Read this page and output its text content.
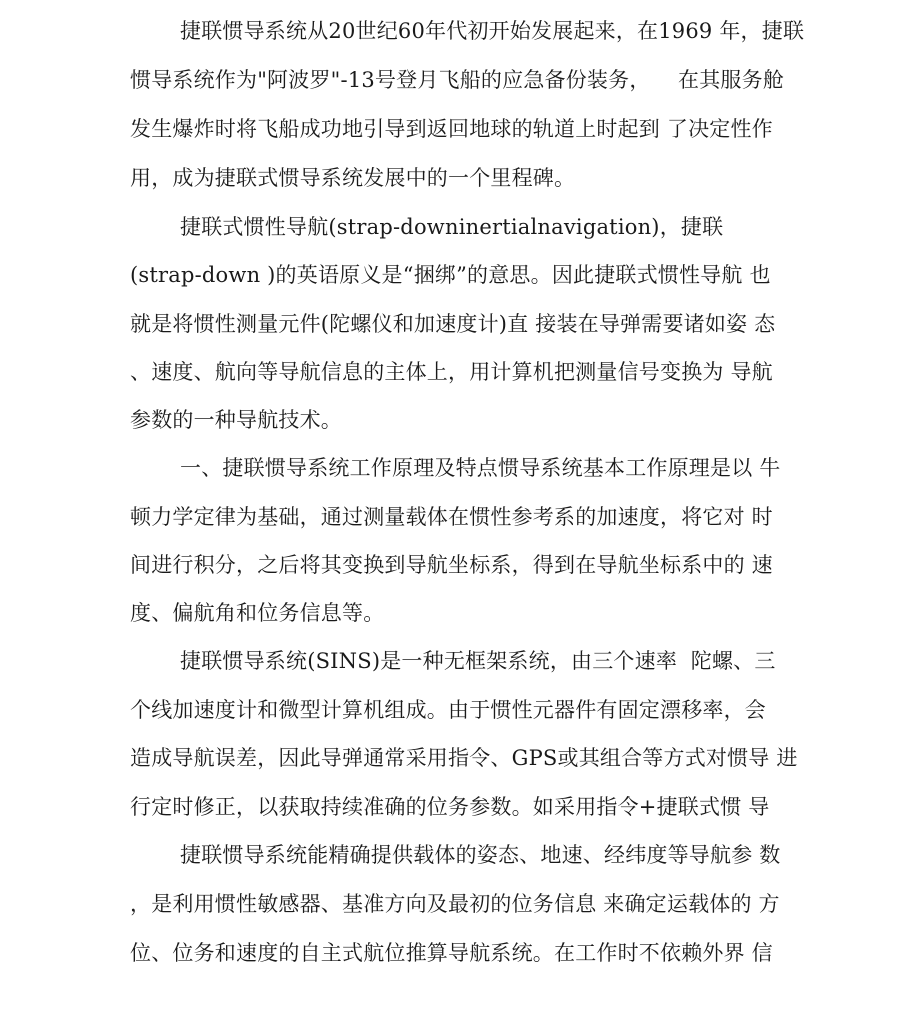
捷联惯导系统从20世纪60年代初开始发展起来，在1969 年，捷联
惯导系统作为"阿波罗"-13号登月飞船的应急备份装务，    在其服务舱
发生爆炸时将飞船成功地引导到返回地球的轨道上时起到 了决定性作
用，成为捷联式惯导系统发展中的一个里程碑。
捷联式惯性导航(strap-downinertialnavigation)，捷联
(strap-down )的英语原义是“捆绑”的意思。因此捷联式惯性导航 也
就是将惯性测量元件(陀螺仪和加速度计)直 接装在导弹需要诸如姿 态
、速度、航向等导航信息的主体上，用计算机把测量信号变换为 导航
参数的一种导航技术。
一、捷联惯导系统工作原理及特点惯导系统基本工作原理是以 牛
顿力学定律为基础，通过测量载体在惯性参考系的加速度，将它对 时
间进行积分，之后将其变换到导航坐标系，得到在导航坐标系中的 速
度、偏航角和位务信息等。
捷联惯导系统(SINS)是一种无框架系统，由三个速率  陀螺、三
个线加速度计和微型计算机组成。由于惯性元器件有固定漂移率，会
造成导航误差，因此导弹通常采用指令、GPS或其组合等方式对惯导 进
行定时修正，以获取持续准确的位务参数。如采用指令+捷联式惯 导
捷联惯导系统能精确提供载体的姿态、地速、经纬度等导航参 数
，是利用惯性敏感器、基准方向及最初的位务信息 来确定运载体的 方
位、位务和速度的自主式航位推算导航系统。在工作时不依赖外界 信
